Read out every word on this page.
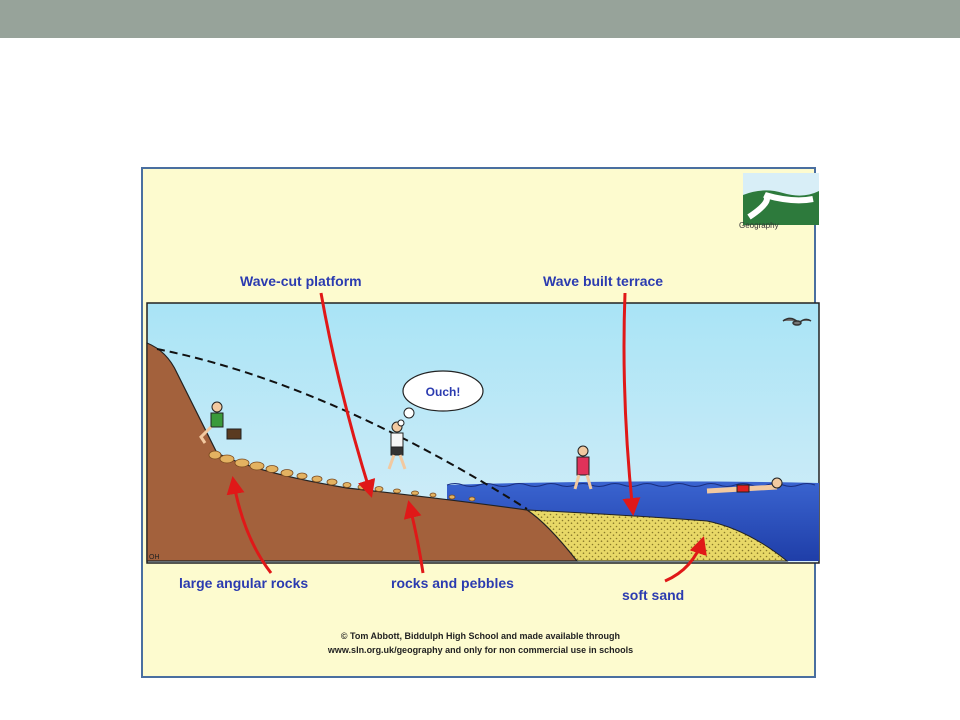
Geography
Wave-cut platform	Wave built terrace
large angular rocks	rocks and pebbles
soft sand
Ouch!
OH
© Tom Abbott, Biddulph High School and made available through
www.sln.org.uk/geography and only for non commercial use in schools
